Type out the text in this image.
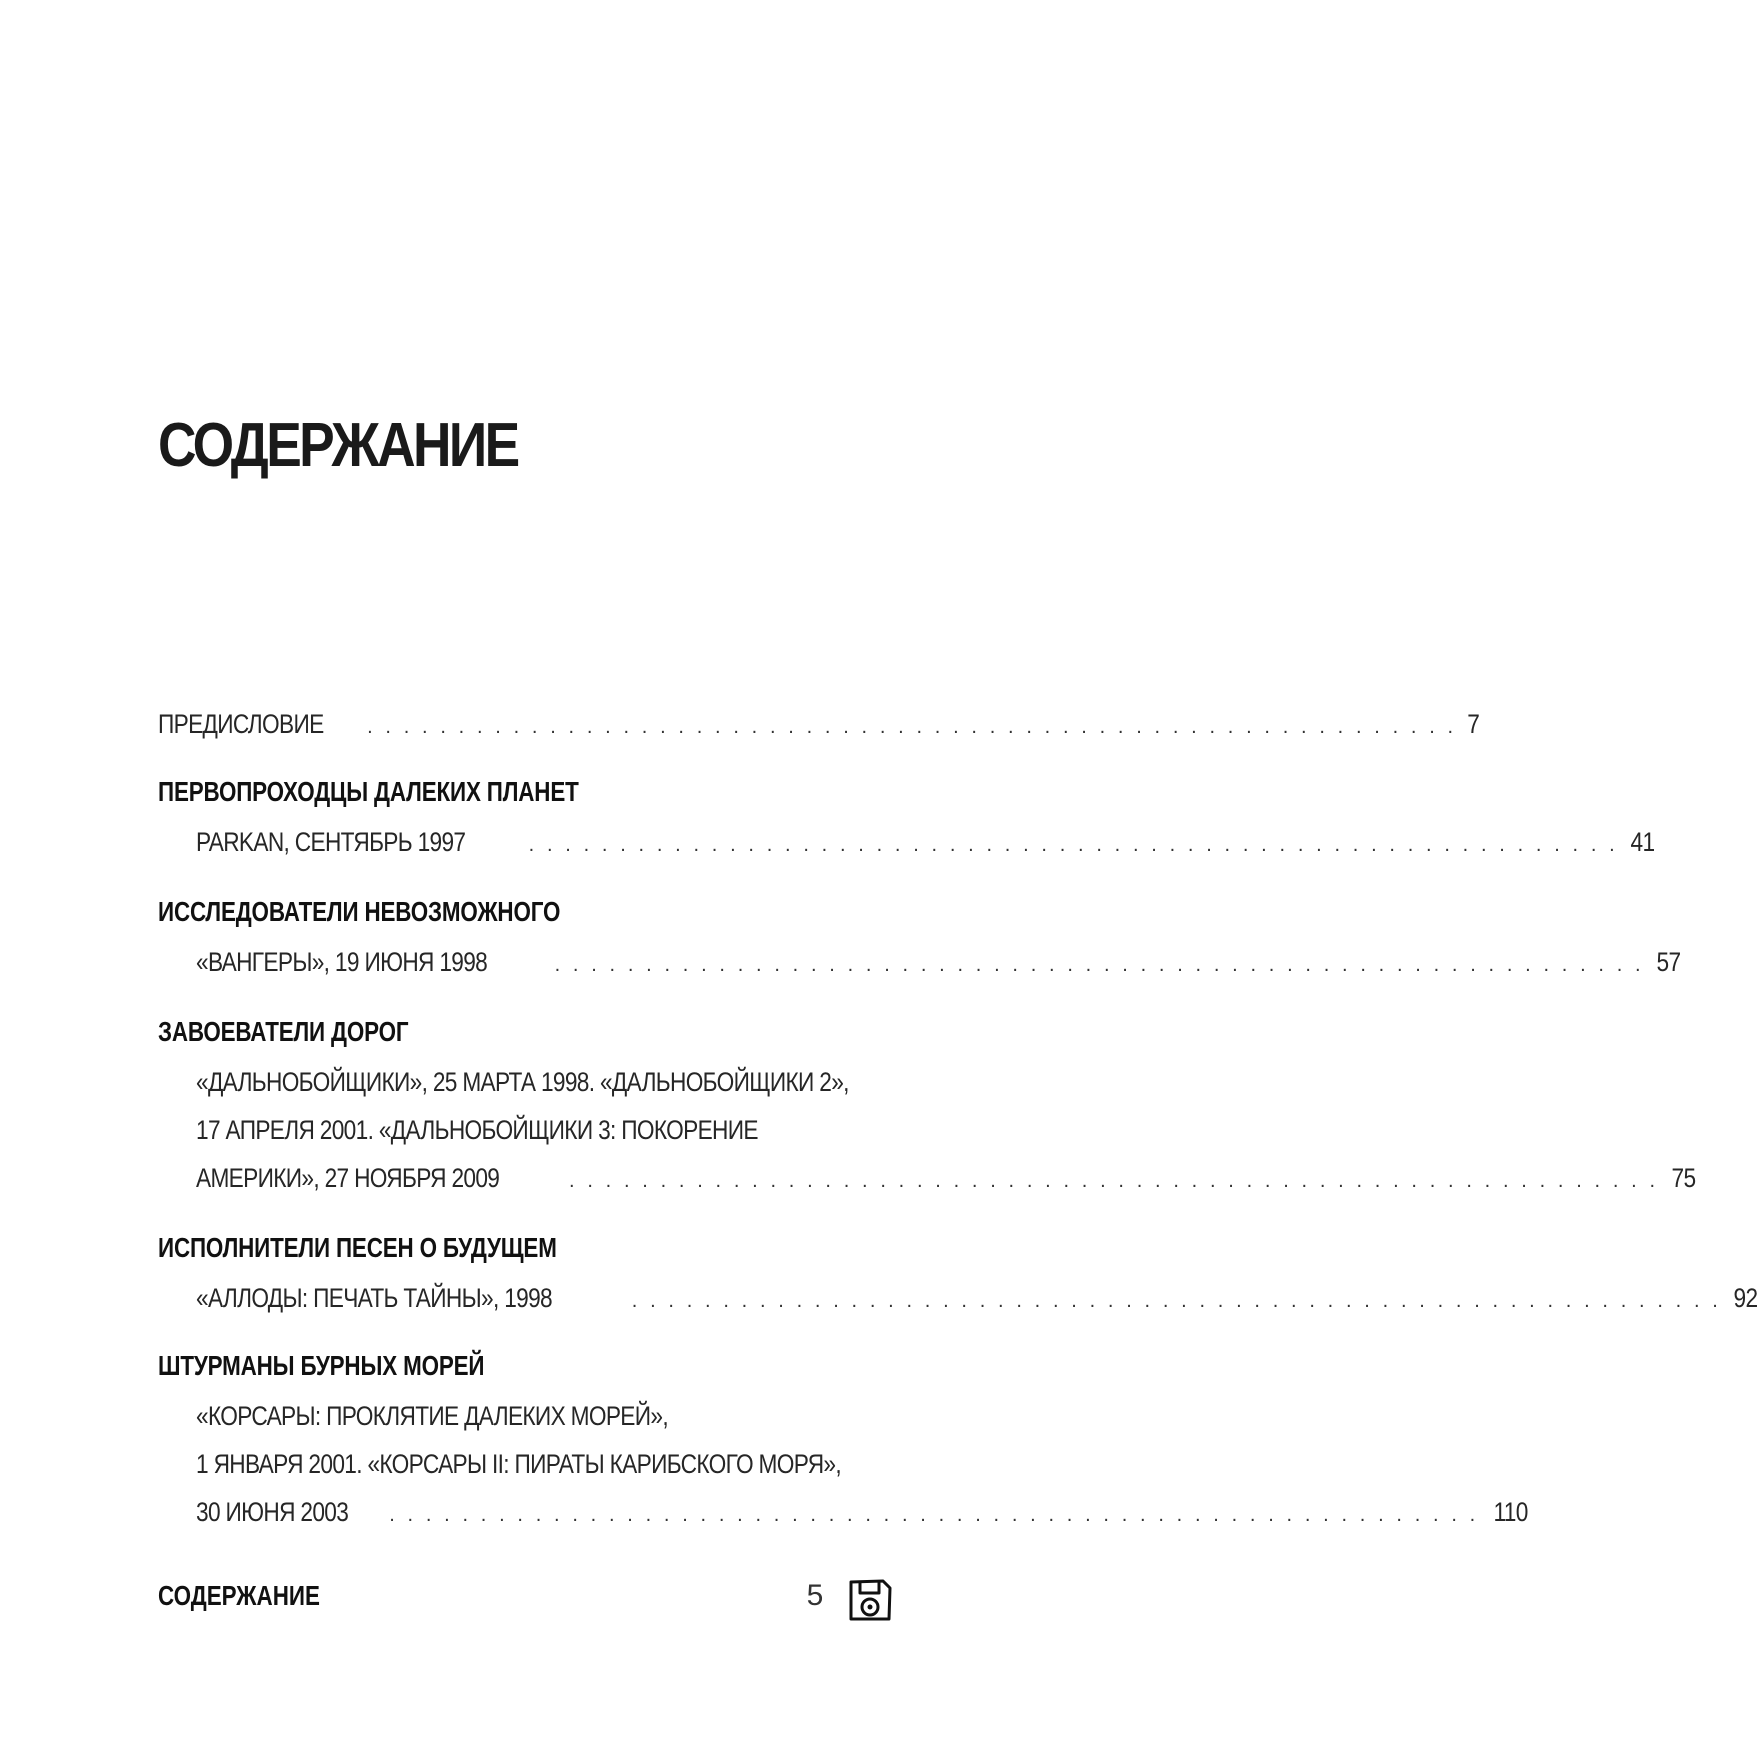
СОДЕРЖАНИЕ
ПРЕДИСЛОВИЕ . . . . . . . . . . . . . . . . . . . . . . . . . . . . . . . . . . . . . . . . . . . . . . . . . . . . . . . . . . . . 7
ПЕРВОПРОХОДЦЫ ДАЛЕКИХ ПЛАНЕТ
PARKAN, СЕНТЯБРЬ 1997	. . . . . . . . . . . . . . . . . . . . . . . . . . . . . . . . . . . . . . . . . . . . . . . . . . . . . . . . . . . . 41
ИССЛЕДОВАТЕЛИ НЕВОЗМОЖНОГО
«ВАНГЕРЫ», 19 ИЮНЯ 1998	. . . . . . . . . . . . . . . . . . . . . . . . . . . . . . . . . . . . . . . . . . . . . . . . . . . . . . . . . . . . 57
ЗАВОЕВАТЕЛИ ДОРОГ
«ДАЛЬНОБОЙЩИКИ», 25 МАРТА 1998. «ДАЛЬНОБОЙЩИКИ 2»,
17 АПРЕЛЯ 2001. «ДАЛЬНОБОЙЩИКИ 3: ПОКОРЕНИЕ
АМЕРИКИ», 27 НОЯБРЯ 2009	. . . . . . . . . . . . . . . . . . . . . . . . . . . . . . . . . . . . . . . . . . . . . . . . . . . . . . . . . . . . 75
ИСПОЛНИТЕЛИ ПЕСЕН О БУДУЩЕМ
«АЛЛОДЫ: ПЕЧАТЬ ТАЙНЫ», 1998	. . . . . . . . . . . . . . . . . . . . . . . . . . . . . . . . . . . . . . . . . . . . . . . . . . . . . . . . . . . . 92
ШТУРМАНЫ БУРНЫХ МОРЕЙ
«КОРСАРЫ: ПРОКЛЯТИЕ ДАЛЕКИХ МОРЕЙ»,
1 ЯНВАРЯ 2001. «КОРСАРЫ II: ПИРАТЫ КАРИБСКОГО МОРЯ»,
30 ИЮНЯ 2003 . . . . . . . . . . . . . . . . . . . . . . . . . . . . . . . . . . . . . . . . . . . . . . . . . . . . . . . . . . . . 110
СОДЕРЖАНИЕ	5
